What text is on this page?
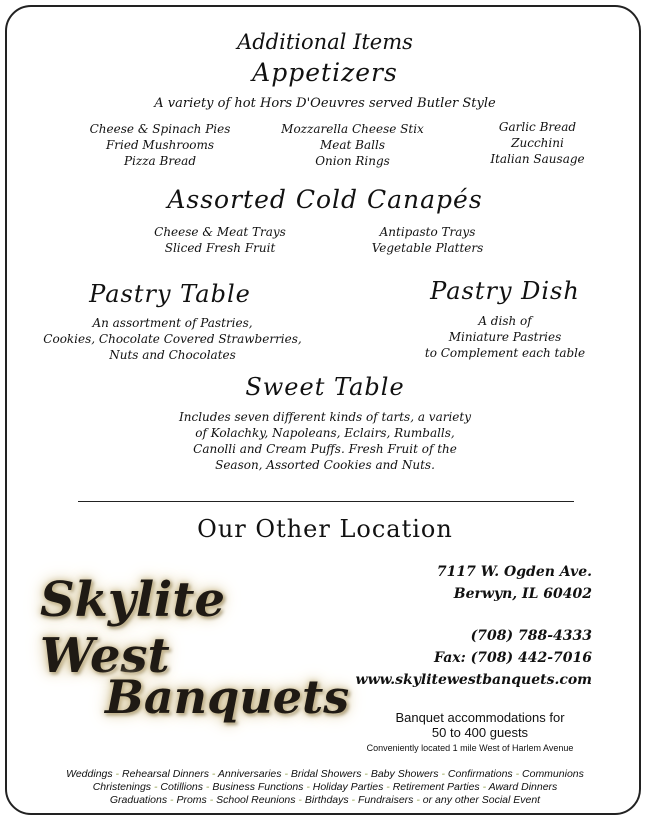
Additional Items
Appetizers
A variety of hot Hors D'Oeuvres served Butler Style
Cheese & Spinach Pies
Fried Mushrooms
Pizza Bread
Mozzarella Cheese Stix
Meat Balls
Onion Rings
Garlic Bread
Zucchini
Italian Sausage
Assorted Cold Canapés
Cheese & Meat Trays
Sliced Fresh Fruit
Antipasto Trays
Vegetable Platters
Pastry Table
An assortment of Pastries,
Cookies, Chocolate Covered Strawberries,
Nuts and Chocolates
Pastry Dish
A dish of
Miniature Pastries
to Complement each table
Sweet Table
Includes seven different kinds of tarts, a variety
of Kolachky, Napoleans, Eclairs, Rumballs,
Canolli and Cream Puffs. Fresh Fruit of the
Season, Assorted Cookies and Nuts.
Our Other Location
Skylite West
Banquets
7117 W. Ogden Ave.
Berwyn, IL 60402
(708) 788-4333
Fax: (708) 442-7016
www.skylitewestbanquets.com
Banquet accommodations for
50 to 400 guests
Conveniently located 1 mile West of Harlem Avenue
Weddings - Rehearsal Dinners - Anniversaries - Bridal Showers - Baby Showers - Confirmations - Communions
Christenings - Cotillions - Business Functions - Holiday Parties - Retirement Parties - Award Dinners
Graduations - Proms - School Reunions - Birthdays - Fundraisers - or any other Social Event
